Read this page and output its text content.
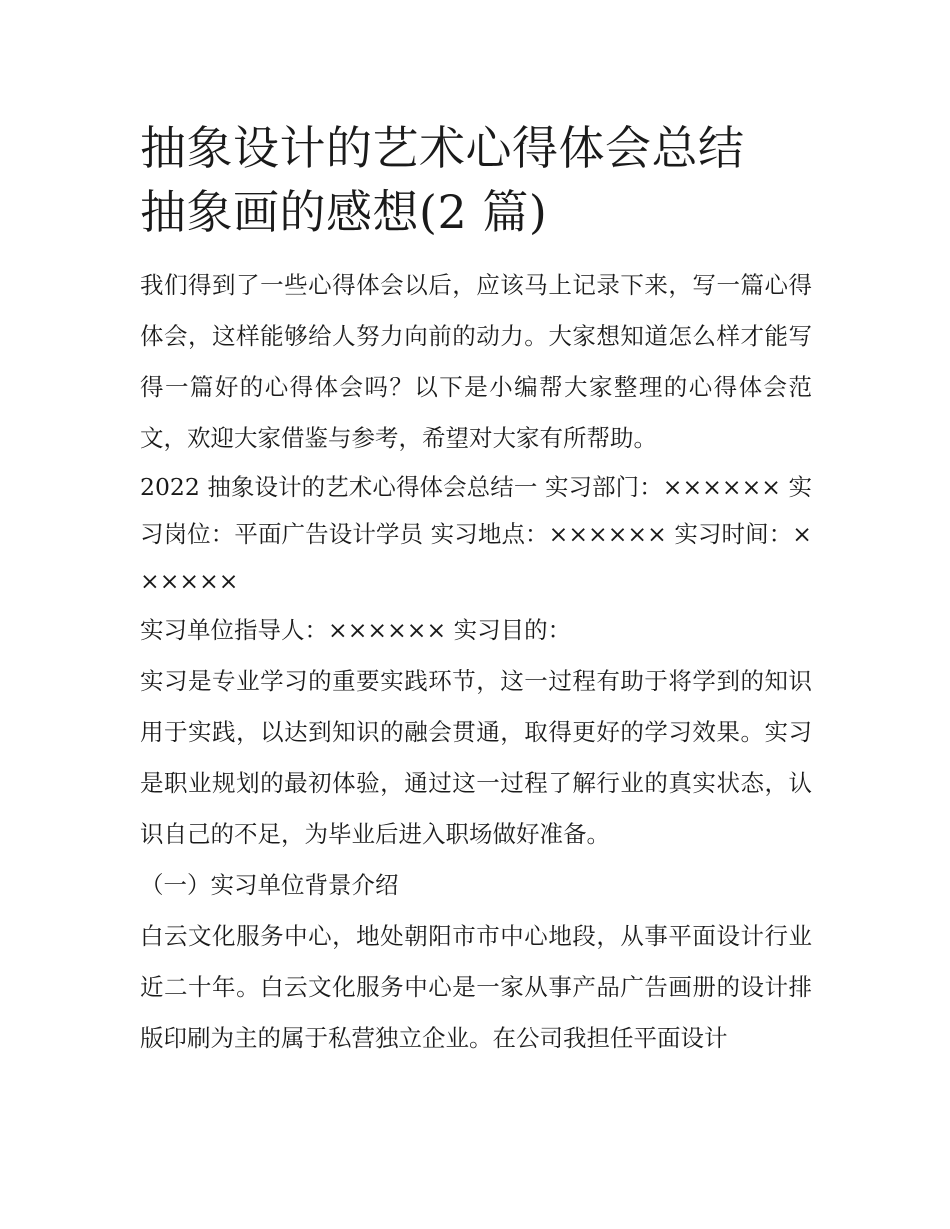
抽象设计的艺术心得体会总结
抽象画的感想(2 篇)

我们得到了一些心得体会以后，应该马上记录下来，写一篇心得体会，这样能够给人努力向前的动力。大家想知道怎么样才能写得一篇好的心得体会吗？以下是小编帮大家整理的心得体会范文，欢迎大家借鉴与参考，希望对大家有所帮助。

2022 抽象设计的艺术心得体会总结一 实习部门：×××××× 实习岗位：平面广告设计学员 实习地点：×××××× 实习时间：××××××

实习单位指导人：×××××× 实习目的：

实习是专业学习的重要实践环节，这一过程有助于将学到的知识用于实践，以达到知识的融会贯通，取得更好的学习效果。实习是职业规划的最初体验，通过这一过程了解行业的真实状态，认识自己的不足，为毕业后进入职场做好准备。

（一）实习单位背景介绍

白云文化服务中心，地处朝阳市市中心地段，从事平面设计行业近二十年。白云文化服务中心是一家从事产品广告画册的设计排版印刷为主的属于私营独立企业。在公司我担任平面设计
